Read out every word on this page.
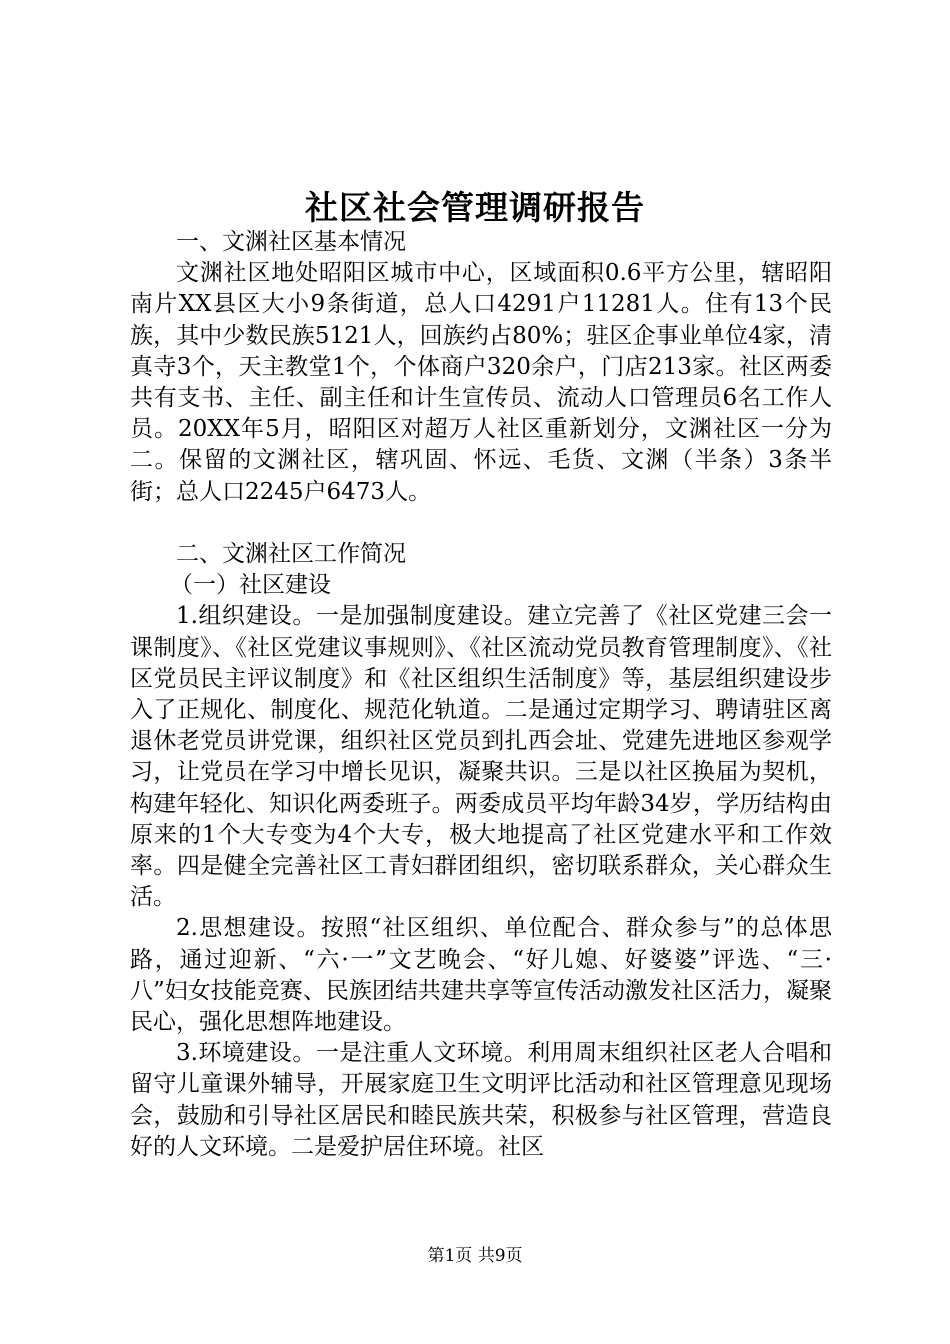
社区社会管理调研报告

一、文渊社区基本情况

文渊社区地处昭阳区城市中心，区域面积0.6平方公里，辖昭阳南片XX县区大小9条街道，总人口4291户11281人。住有13个民族，其中少数民族5121人，回族约占80%；驻区企事业单位4家，清真寺3个，天主教堂1个，个体商户320余户，门店213家。社区两委共有支书、主任、副主任和计生宣传员、流动人口管理员6名工作人员。20XX年5月，昭阳区对超万人社区重新划分，文渊社区一分为二。保留的文渊社区，辖巩固、怀远、毛货、文渊（半条）3条半街；总人口2245户6473人。

二、文渊社区工作简况

（一）社区建设

1.组织建设。一是加强制度建设。建立完善了《社区党建三会一课制度》、《社区党建议事规则》、《社区流动党员教育管理制度》、《社区党员民主评议制度》和《社区组织生活制度》等，基层组织建设步入了正规化、制度化、规范化轨道。二是通过定期学习、聘请驻区离退休老党员讲党课，组织社区党员到扎西会址、党建先进地区参观学习，让党员在学习中增长见识，凝聚共识。三是以社区换届为契机，构建年轻化、知识化两委班子。两委成员平均年龄34岁，学历结构由原来的1个大专变为4个大专，极大地提高了社区党建水平和工作效率。四是健全完善社区工青妇群团组织，密切联系群众，关心群众生活。

2.思想建设。按照“社区组织、单位配合、群众参与”的总体思路，通过迎新、“六·一”文艺晚会、“好儿媳、好婆婆”评选、“三·八”妇女技能竞赛、民族团结共建共享等宣传活动激发社区活力，凝聚民心，强化思想阵地建设。

3.环境建设。一是注重人文环境。利用周末组织社区老人合唱和留守儿童课外辅导，开展家庭卫生文明评比活动和社区管理意见现场会，鼓励和引导社区居民和睦民族共荣，积极参与社区管理，营造良好的人文环境。二是爱护居住环境。社区

第1页 共9页
